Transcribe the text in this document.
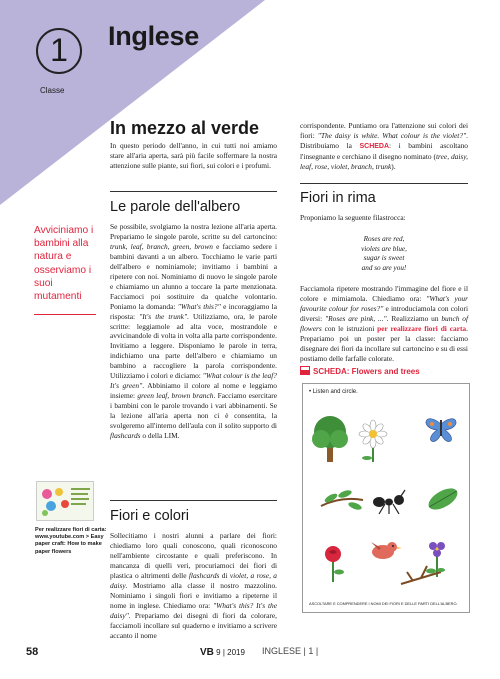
1
Classe
Inglese
Avviciniamo i bambini alla natura e osserviamo i suoi mutamenti
Per realizzare fiori di carta:
www.youtube.com > Easy paper craft: How to make paper flowers
In mezzo al verde

In questo periodo dell'anno, in cui tutti noi amiamo stare all'aria aperta, sarà più facile soffermare la nostra attenzione sulle piante, sui fiori, sui colori e i profumi.

Le parole dell'albero

Se possibile, svolgiamo la nostra lezione all'aria aperta. Prepariamo le singole parole, scritte su del cartoncino: trunk, leaf, branch, green, brown e facciamo sedere i bambini davanti a un albero. Tocchiamo le varie parti dell'albero e nominiamole; invitiamo i bambini a ripetere con noi. Nominiamo di nuovo le singole parole e chiamiamo un alunno a toccare la parte menzionata. Facciamoci poi sostituire da qualche volontario. Poniamo la domanda: "What's this?" e incoraggiamo la risposta: "It's the trunk". Utilizziamo, ora, le parole scritte: leggiamole ad alta voce, mostrandole e avvicinandole di volta in volta alla parte corrispondente. Invitiamo a leggere. Disponiamo le parole in terra, indichiamo una parte dell'albero e chiamiamo un bambino a raccogliere la parola corrispondente. Utilizziamo i colori e diciamo: "What colour is the leaf? It's green". Abbiniamo il colore al nome e leggiamo insieme: green leaf, brown branch. Facciamo esercitare i bambini con le parole trovando i vari abbinamenti. Se la lezione all'aria aperta non ci è consentita, la svolgeremo all'interno dell'aula con il solito supporto di flashcards o della LIM.

Fiori e colori

Sollecitiamo i nostri alunni a parlare dei fiori: chiediamo loro quali conoscono, quali riconoscono nell'ambiente circostante e quali preferiscono. In mancanza di quelli veri, procuriamoci dei fiori di plastica o altrimenti delle flashcards di violet, a rose, a daisy. Mostriamo alla classe il nostro mazzolino. Nominiamo i singoli fiori e invitiamo a ripeterne il nome in inglese. Chiediamo ora: "What's this? It's the daisy". Prepariamo dei disegni di fiori da colorare, facciamoli incollare sul quaderno e invitiamo a scrivere accanto il nome

corrispondente. Puntiamo ora l'attenzione sui colori dei fiori: "The daisy is white. What colour is the violet?". Distribuiamo la SCHEDA: i bambini ascoltano l'insegnante e cerchiano il disegno nominato (tree, daisy, leaf, rose, violet, branch, trunk).

Fiori in rima
Proponiamo la seguente filastrocca:
Roses are red,
violets are blue,
sugar is sweet
and so are you!

Facciamola ripetere mostrando l'immagine del fiore e il colore e mimiamola. Chiediamo ora: "What's your favourite colour for roses?" e introduciamola con colori diversi: "Roses are pink, ...". Realizziamo un bunch of flowers con le istruzioni per realizzare fiori di carta. Prepariamo poi un poster per la classe: facciamo disegnare dei fiori da incollare sul cartoncino e su di essi postiamo delle farfalle colorate.

SCHEDA: Flowers and trees
• Listen and circle.
ASCOLTARE E COMPRENDERE I NOMI DEI FIORI E DELLE PARTI DELL'ALBERO.
58	VB 9 | 2019 INGLESE | 1 |
